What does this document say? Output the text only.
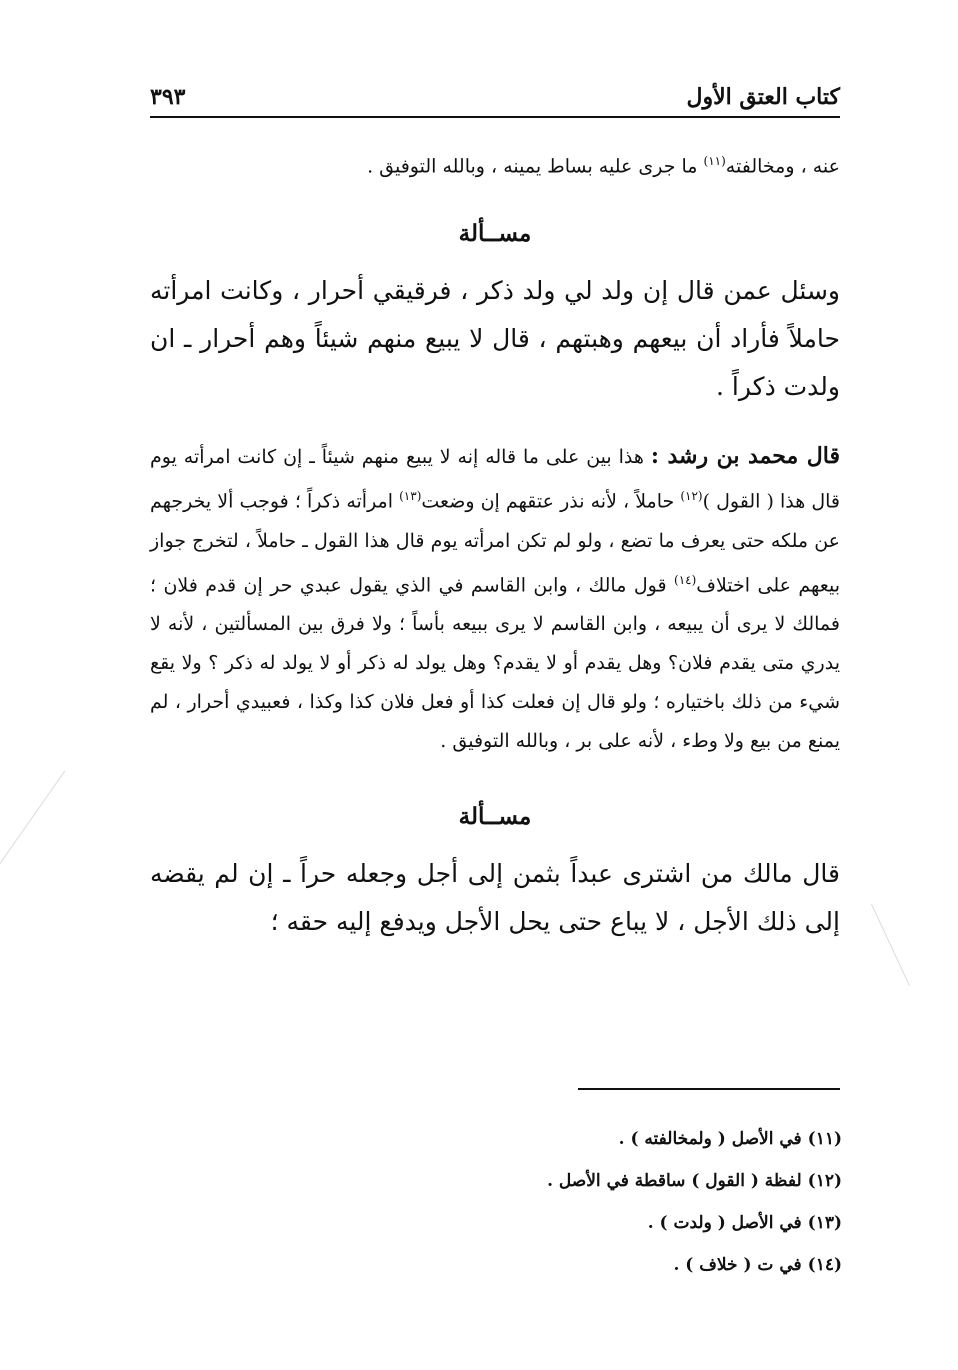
كتاب العتق الأول
٣٩٣

عنه ، ومخالفته$^{(١١)}$ ما جرى عليه بساط يمينه ، وبالله التوفيق .

مســألة

وسئل عمن قال إن ولد لي ولد ذكر ، فرقيقي أحرار ، وكانت امرأته حاملاً فأراد أن بيعهم وهبتهم ، قال لا يبيع منهم شيئاً وهم أحرار ـ ان ولدت ذكراً .

قال محمد بن رشد : هذا بين على ما قاله إنه لا يبيع منهم شيئاً ـ إن كانت امرأته يوم قال هذا ( القول )$^{(١٢)}$ حاملاً ، لأنه نذر عتقهم إن وضعت$^{(١٣)}$ امرأته ذكراً ؛ فوجب ألا يخرجهم عن ملكه حتى يعرف ما تضع ، ولو لم تكن امرأته يوم قال هذا القول ـ حاملاً ، لتخرج جواز بيعهم على اختلاف$^{(١٤)}$ قول مالك ، وابن القاسم في الذي يقول عبدي حر إن قدم فلان ؛ فمالك لا يرى أن يبيعه ، وابن القاسم لا يرى ببيعه بأساً ؛ ولا فرق بين المسألتين ، لأنه لا يدري متى يقدم فلان؟ وهل يقدم أو لا يقدم؟ وهل يولد له ذكر أو لا يولد له ذكر ؟ ولا يقع شيء من ذلك باختياره ؛ ولو قال إن فعلت كذا أو فعل فلان كذا وكذا ، فعبيدي أحرار ، لم يمنع من بيع ولا وطء ، لأنه على بر ، وبالله التوفيق .

مســألة

قال مالك من اشترى عبداً بثمن إلى أجل وجعله حراً ـ إن لم يقضه إلى ذلك الأجل ، لا يباع حتى يحل الأجل ويدفع إليه حقه ؛

(١١)في الأصل ( ولمخالفته ) .
(١٢)لفظة ( القول ) ساقطة في الأصل .
(١٣)في الأصل ( ولدت ) .
(١٤)في ت ( خلاف ) .
